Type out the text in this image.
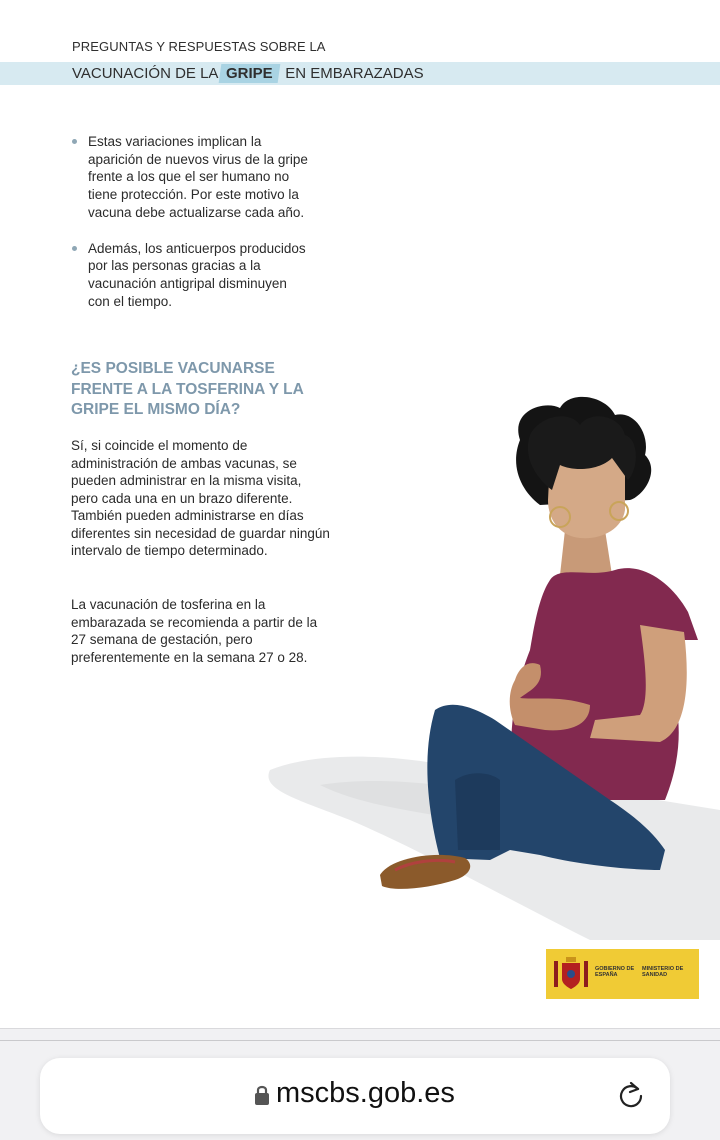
PREGUNTAS Y RESPUESTAS SOBRE LA
VACUNACIÓN DE LA GRIPE EN EMBARAZADAS
Estas variaciones implican la aparición de nuevos virus de la gripe frente a los que el ser humano no tiene protección. Por este motivo la vacuna debe actualizarse cada año.
Además, los anticuerpos producidos por las personas gracias a la vacunación antigripal disminuyen con el tiempo.
¿ES POSIBLE VACUNARSE FRENTE A LA TOSFERINA Y LA GRIPE EL MISMO DÍA?

Sí, si coincide el momento de administración de ambas vacunas, se pueden administrar en la misma visita, pero cada una en un brazo diferente. También pueden administrarse en días diferentes sin necesidad de guardar ningún intervalo de tiempo determinado.

La vacunación de tosferina en la embarazada se recomienda a partir de la 27 semana de gestación, pero preferentemente en la semana 27 o 28.

GOBIERNO DE ESPAÑA
MINISTERIO DE SANIDAD
mscbs.gob.es
